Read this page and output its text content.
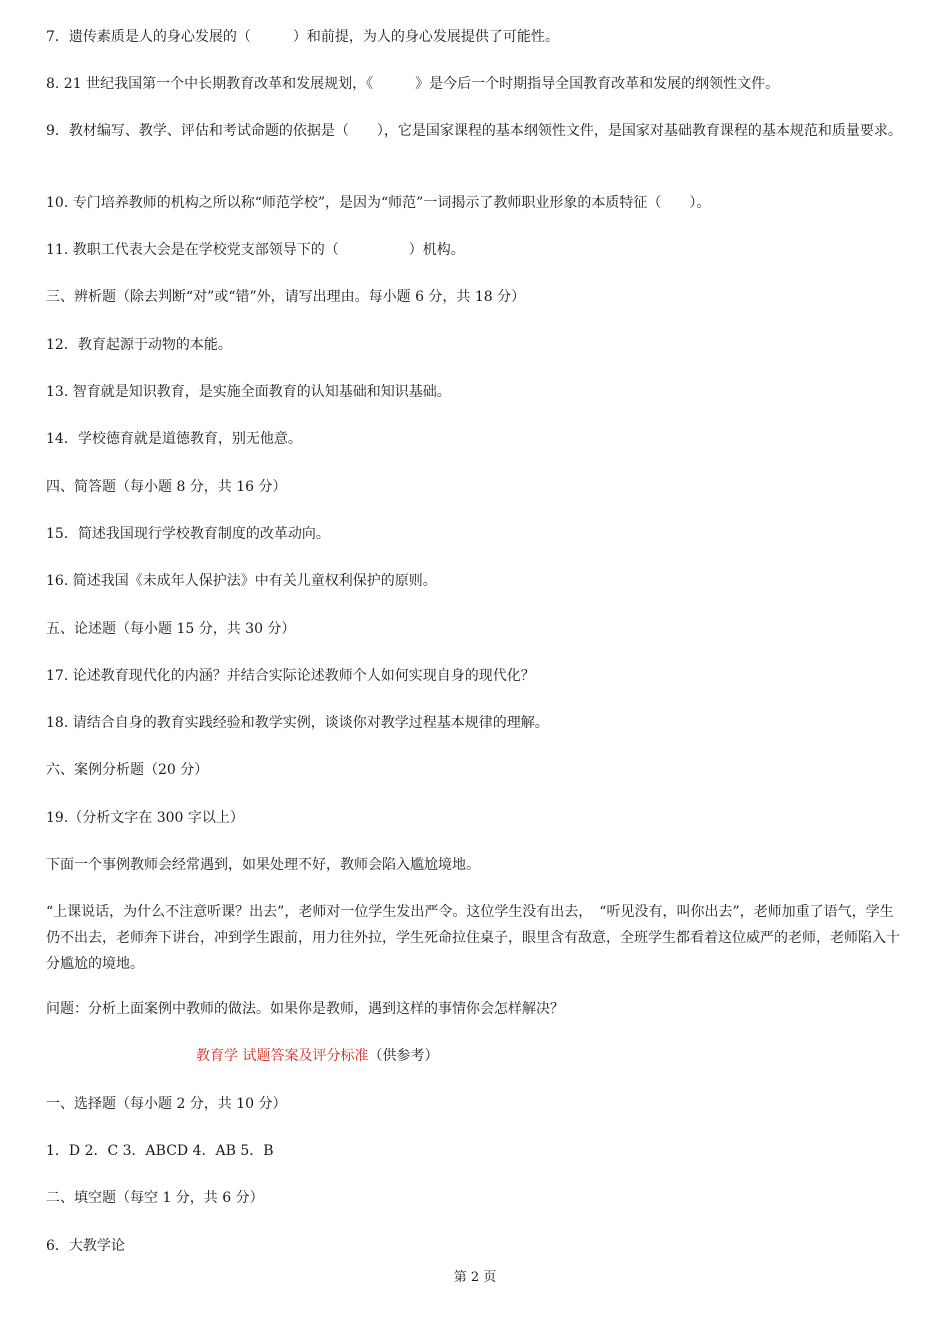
7．遗传素质是人的身心发展的（　　　）和前提，为人的身心发展提供了可能性。
8. 21 世纪我国第一个中长期教育改革和发展规划，《　　　》是今后一个时期指导全国教育改革和发展的纲领性文件。
9．教材编写、教学、评估和考试命题的依据是（　　），它是国家课程的基本纲领性文件，是国家对基础教育课程的基本规范和质量要求。
10. 专门培养教师的机构之所以称“师范学校”，是因为“师范”一词揭示了教师职业形象的本质特征（　　）。
11. 教职工代表大会是在学校党支部领导下的（　　　　　）机构。
三、辨析题（除去判断“对”或“错”外，请写出理由。每小题 6 分，共 18 分）
12．教育起源于动物的本能。
13. 智育就是知识教育，是实施全面教育的认知基础和知识基础。
14．学校德育就是道德教育，别无他意。
四、简答题（每小题 8 分，共 16 分）
15．简述我国现行学校教育制度的改革动向。
16. 简述我国《未成年人保护法》中有关儿童权利保护的原则。
五、论述题（每小题 15 分，共 30 分）
17. 论述教育现代化的内涵？并结合实际论述教师个人如何实现自身的现代化？
18. 请结合自身的教育实践经验和教学实例，谈谈你对教学过程基本规律的理解。
六、案例分析题（20 分）
19.（分析文字在 300 字以上）
下面一个事例教师会经常遇到，如果处理不好，教师会陷入尴尬境地。
“上课说话，为什么不注意听课？出去”，老师对一位学生发出严令。这位学生没有出去，　“听见没有，叫你出去”，老师加重了语气，学生仍不出去，老师奔下讲台，冲到学生跟前，用力往外拉，学生死命拉住桌子，眼里含有敌意，全班学生都看着这位威严的老师，老师陷入十分尴尬的境地。
问题：分析上面案例中教师的做法。如果你是教师，遇到这样的事情你会怎样解决？
教育学 试题答案及评分标准（供参考）
一、选择题（每小题 2 分，共 10 分）
1．D 2．C 3．ABCD 4．AB 5．B
二、填空题（每空 1 分，共 6 分）
6．大教学论
第 2 页
